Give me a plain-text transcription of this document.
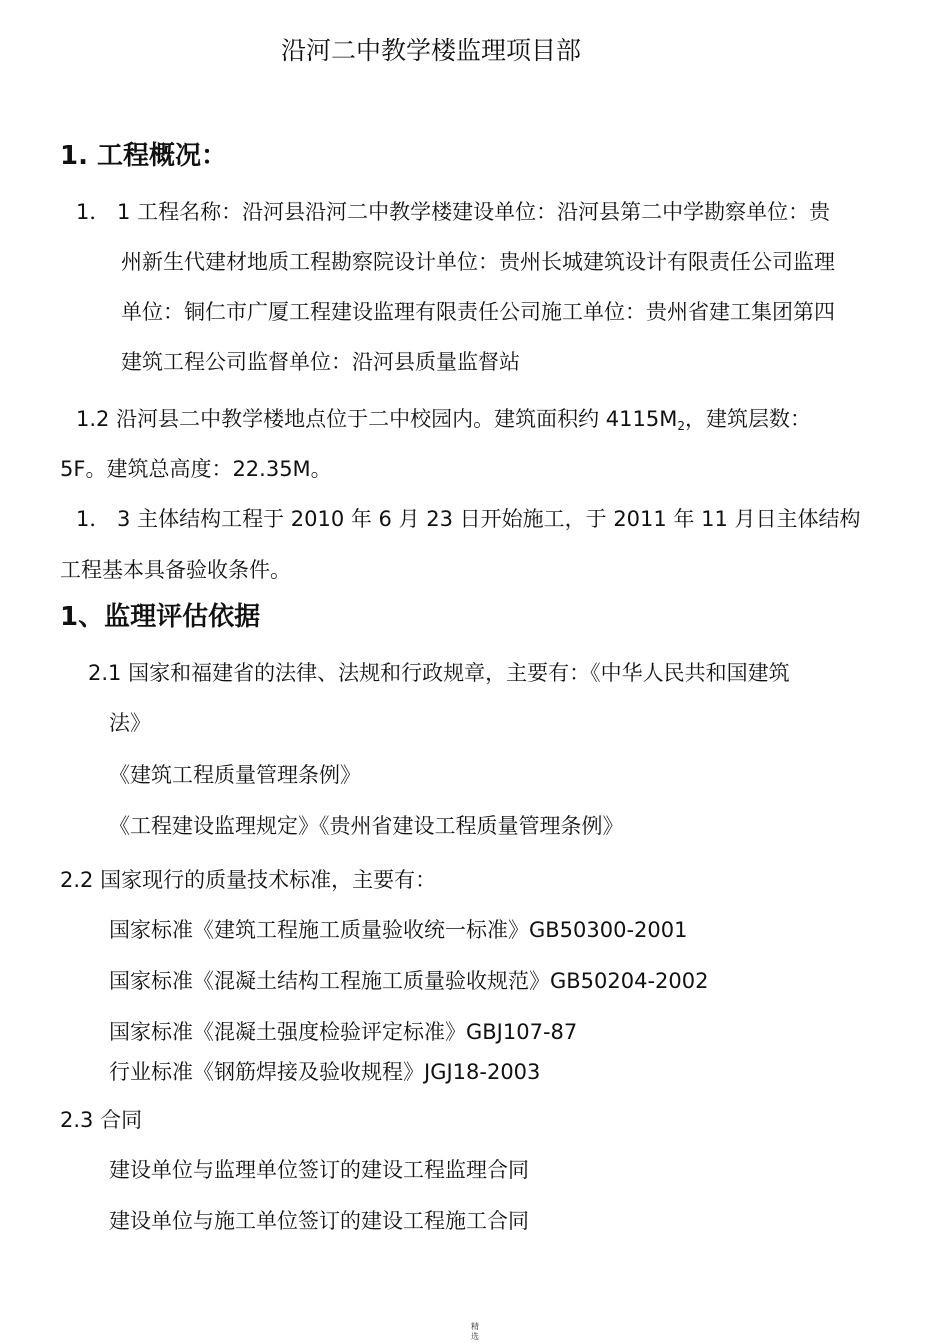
沿河二中教学楼监理项目部
1. 工程概况：
1． 1 工程名称：沿河县沿河二中教学楼建设单位：沿河县第二中学勘察单位：贵
州新生代建材地质工程勘察院设计单位：贵州长城建筑设计有限责任公司监理
单位：铜仁市广厦工程建设监理有限责任公司施工单位：贵州省建工集团第四
建筑工程公司监督单位：沿河县质量监督站
1.2 沿河县二中教学楼地点位于二中校园内。建筑面积约 4115M2，建筑层数：
5F。建筑总高度：22.35M。
1． 3 主体结构工程于 2010 年 6 月 23 日开始施工，于 2011 年 11 月日主体结构
工程基本具备验收条件。
1、监理评估依据
2.1 国家和福建省的法律、法规和行政规章，主要有：《中华人民共和国建筑
法》
《建筑工程质量管理条例》
《工程建设监理规定》《贵州省建设工程质量管理条例》
2.2 国家现行的质量技术标准，主要有：
国家标准《建筑工程施工质量验收统一标准》GB50300-2001
国家标准《混凝土结构工程施工质量验收规范》GB50204-2002
国家标准《混凝土强度检验评定标准》GBJ107-87
行业标准《钢筋焊接及验收规程》JGJ18-2003
2.3 合同
建设单位与监理单位签订的建设工程监理合同
建设单位与施工单位签订的建设工程施工合同
精
选
